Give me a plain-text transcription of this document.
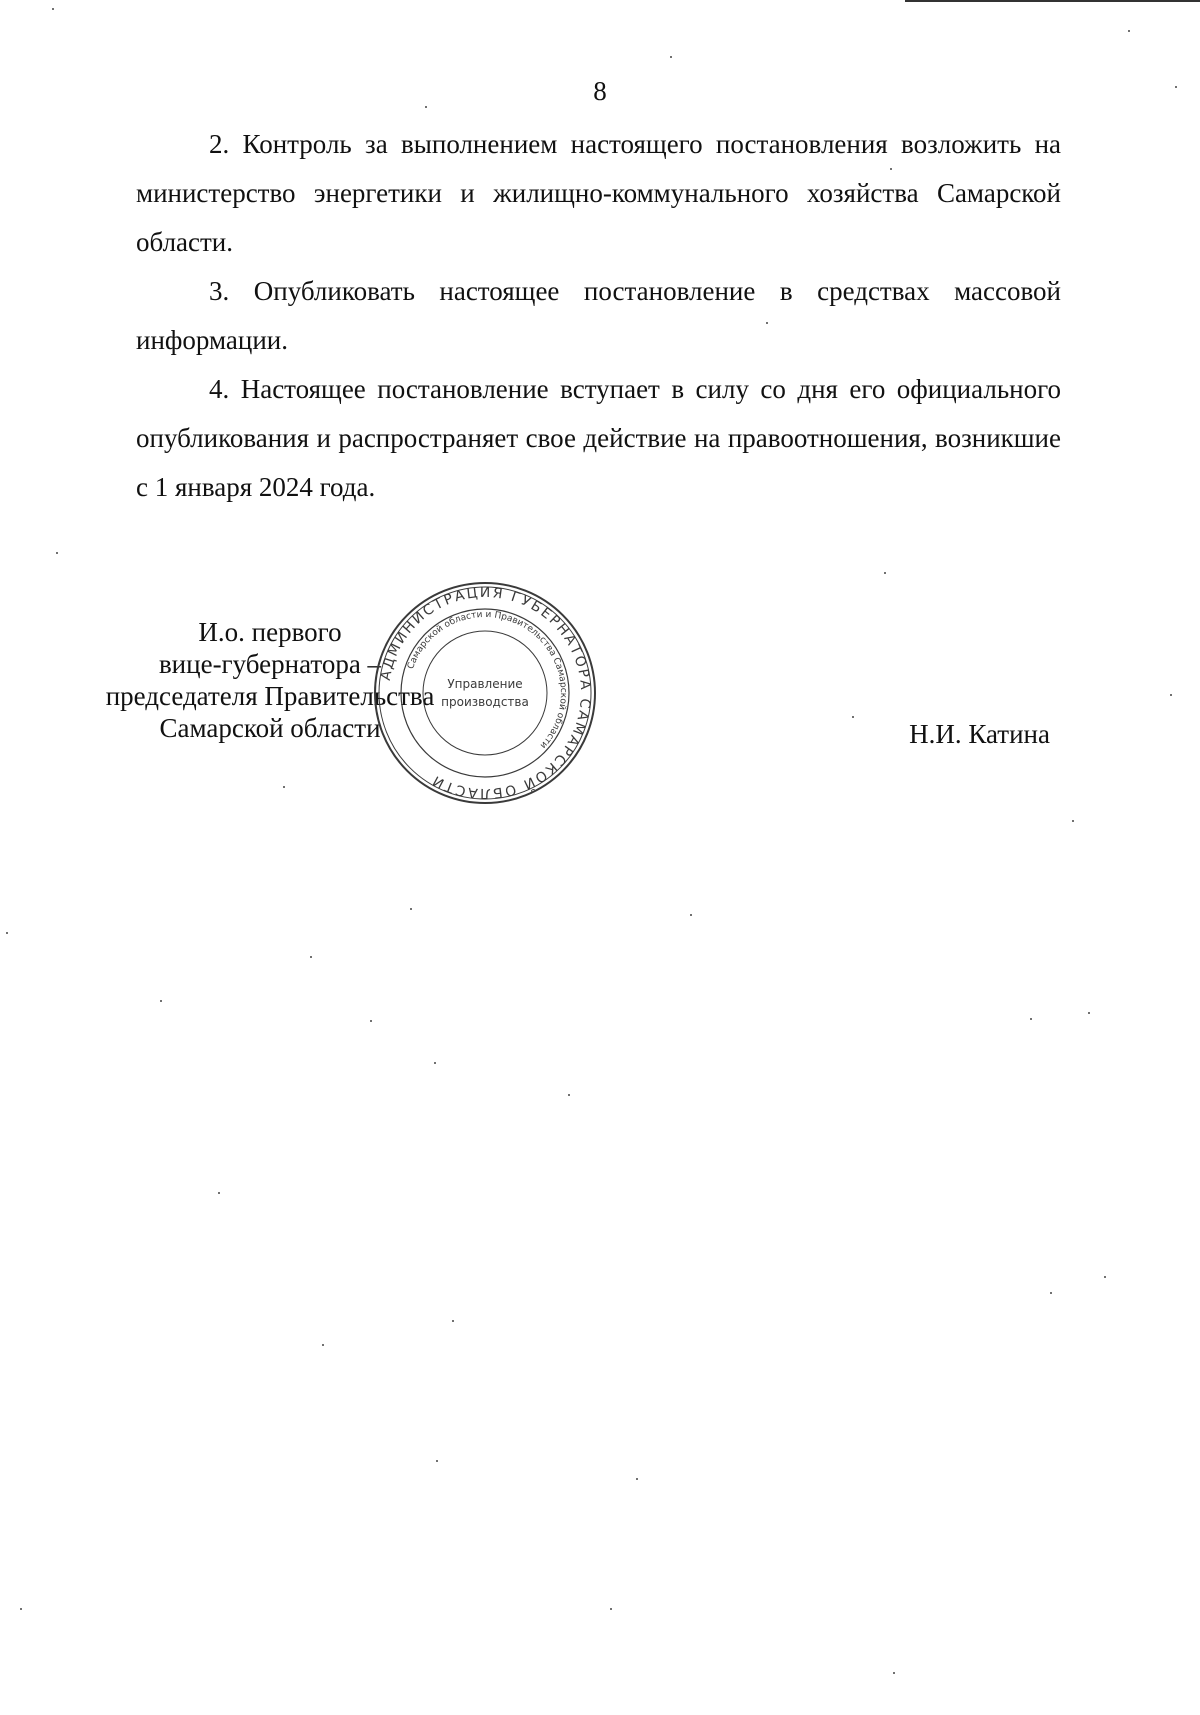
8

2. Контроль за выполнением настоящего постановления возложить на министерство энергетики и жилищно-коммунального хозяйства Самарской области.

3. Опубликовать настоящее постановление в средствах массовой информации.

4. Настоящее постановление вступает в силу со дня его официального опубликования и распространяет свое действие на правоотношения, возникшие с 1 января 2024 года.

И.о. первого
вице-губернатора –
председателя Правительства
Самарской области	Н.И. Катина
АДМИНИСТРАЦИЯ ГУБЕРНАТОРА САМАРСКОЙ ОБЛАСТИ
Самарской области и Правительства Самарской области
Управление
производства
